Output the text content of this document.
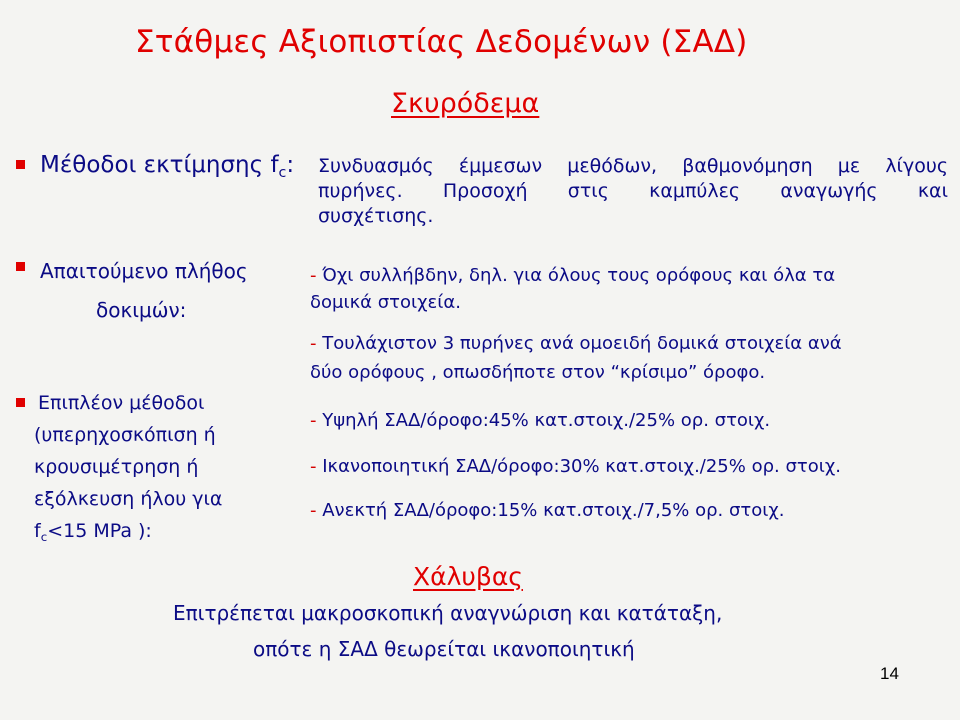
Στάθμες Αξιοπιστίας Δεδομένων (ΣΑΔ)
Σκυρόδεμα
Μέθοδοι εκτίμησης $f_c$: Συνδυασμός έμμεσων μεθόδων, βαθμονόμηση με λίγους
πυρήνες. Προσοχή στις καμπύλες αναγωγής και
συσχέτισης.
Απαιτούμενο πλήθος
δοκιμών:
- Όχι συλλήβδην, δηλ. για όλους τους ορόφους και όλα τα
δομικά στοιχεία.
- Τουλάχιστον 3 πυρήνες ανά ομοειδή δομικά στοιχεία ανά
δύο ορόφους , οπωσδήποτε στον “κρίσιμο” όροφο.
Επιπλέον μέθοδοι
(υπερηχοσκόπιση ή
κρουσιμέτρηση ή
εξόλκευση ήλου για
$f_c<15$ MPa ):
- Υψηλή ΣΑΔ/όροφο:45% κατ.στοιχ./25% ορ. στοιχ.
- Ικανοποιητική ΣΑΔ/όροφο:30% κατ.στοιχ./25% ορ. στοιχ.
- Ανεκτή ΣΑΔ/όροφο:15% κατ.στοιχ./7,5% ορ. στοιχ.
Χάλυβας
Επιτρέπεται μακροσκοπική αναγνώριση και κατάταξη,
οπότε η ΣΑΔ θεωρείται ικανοποιητική
14
